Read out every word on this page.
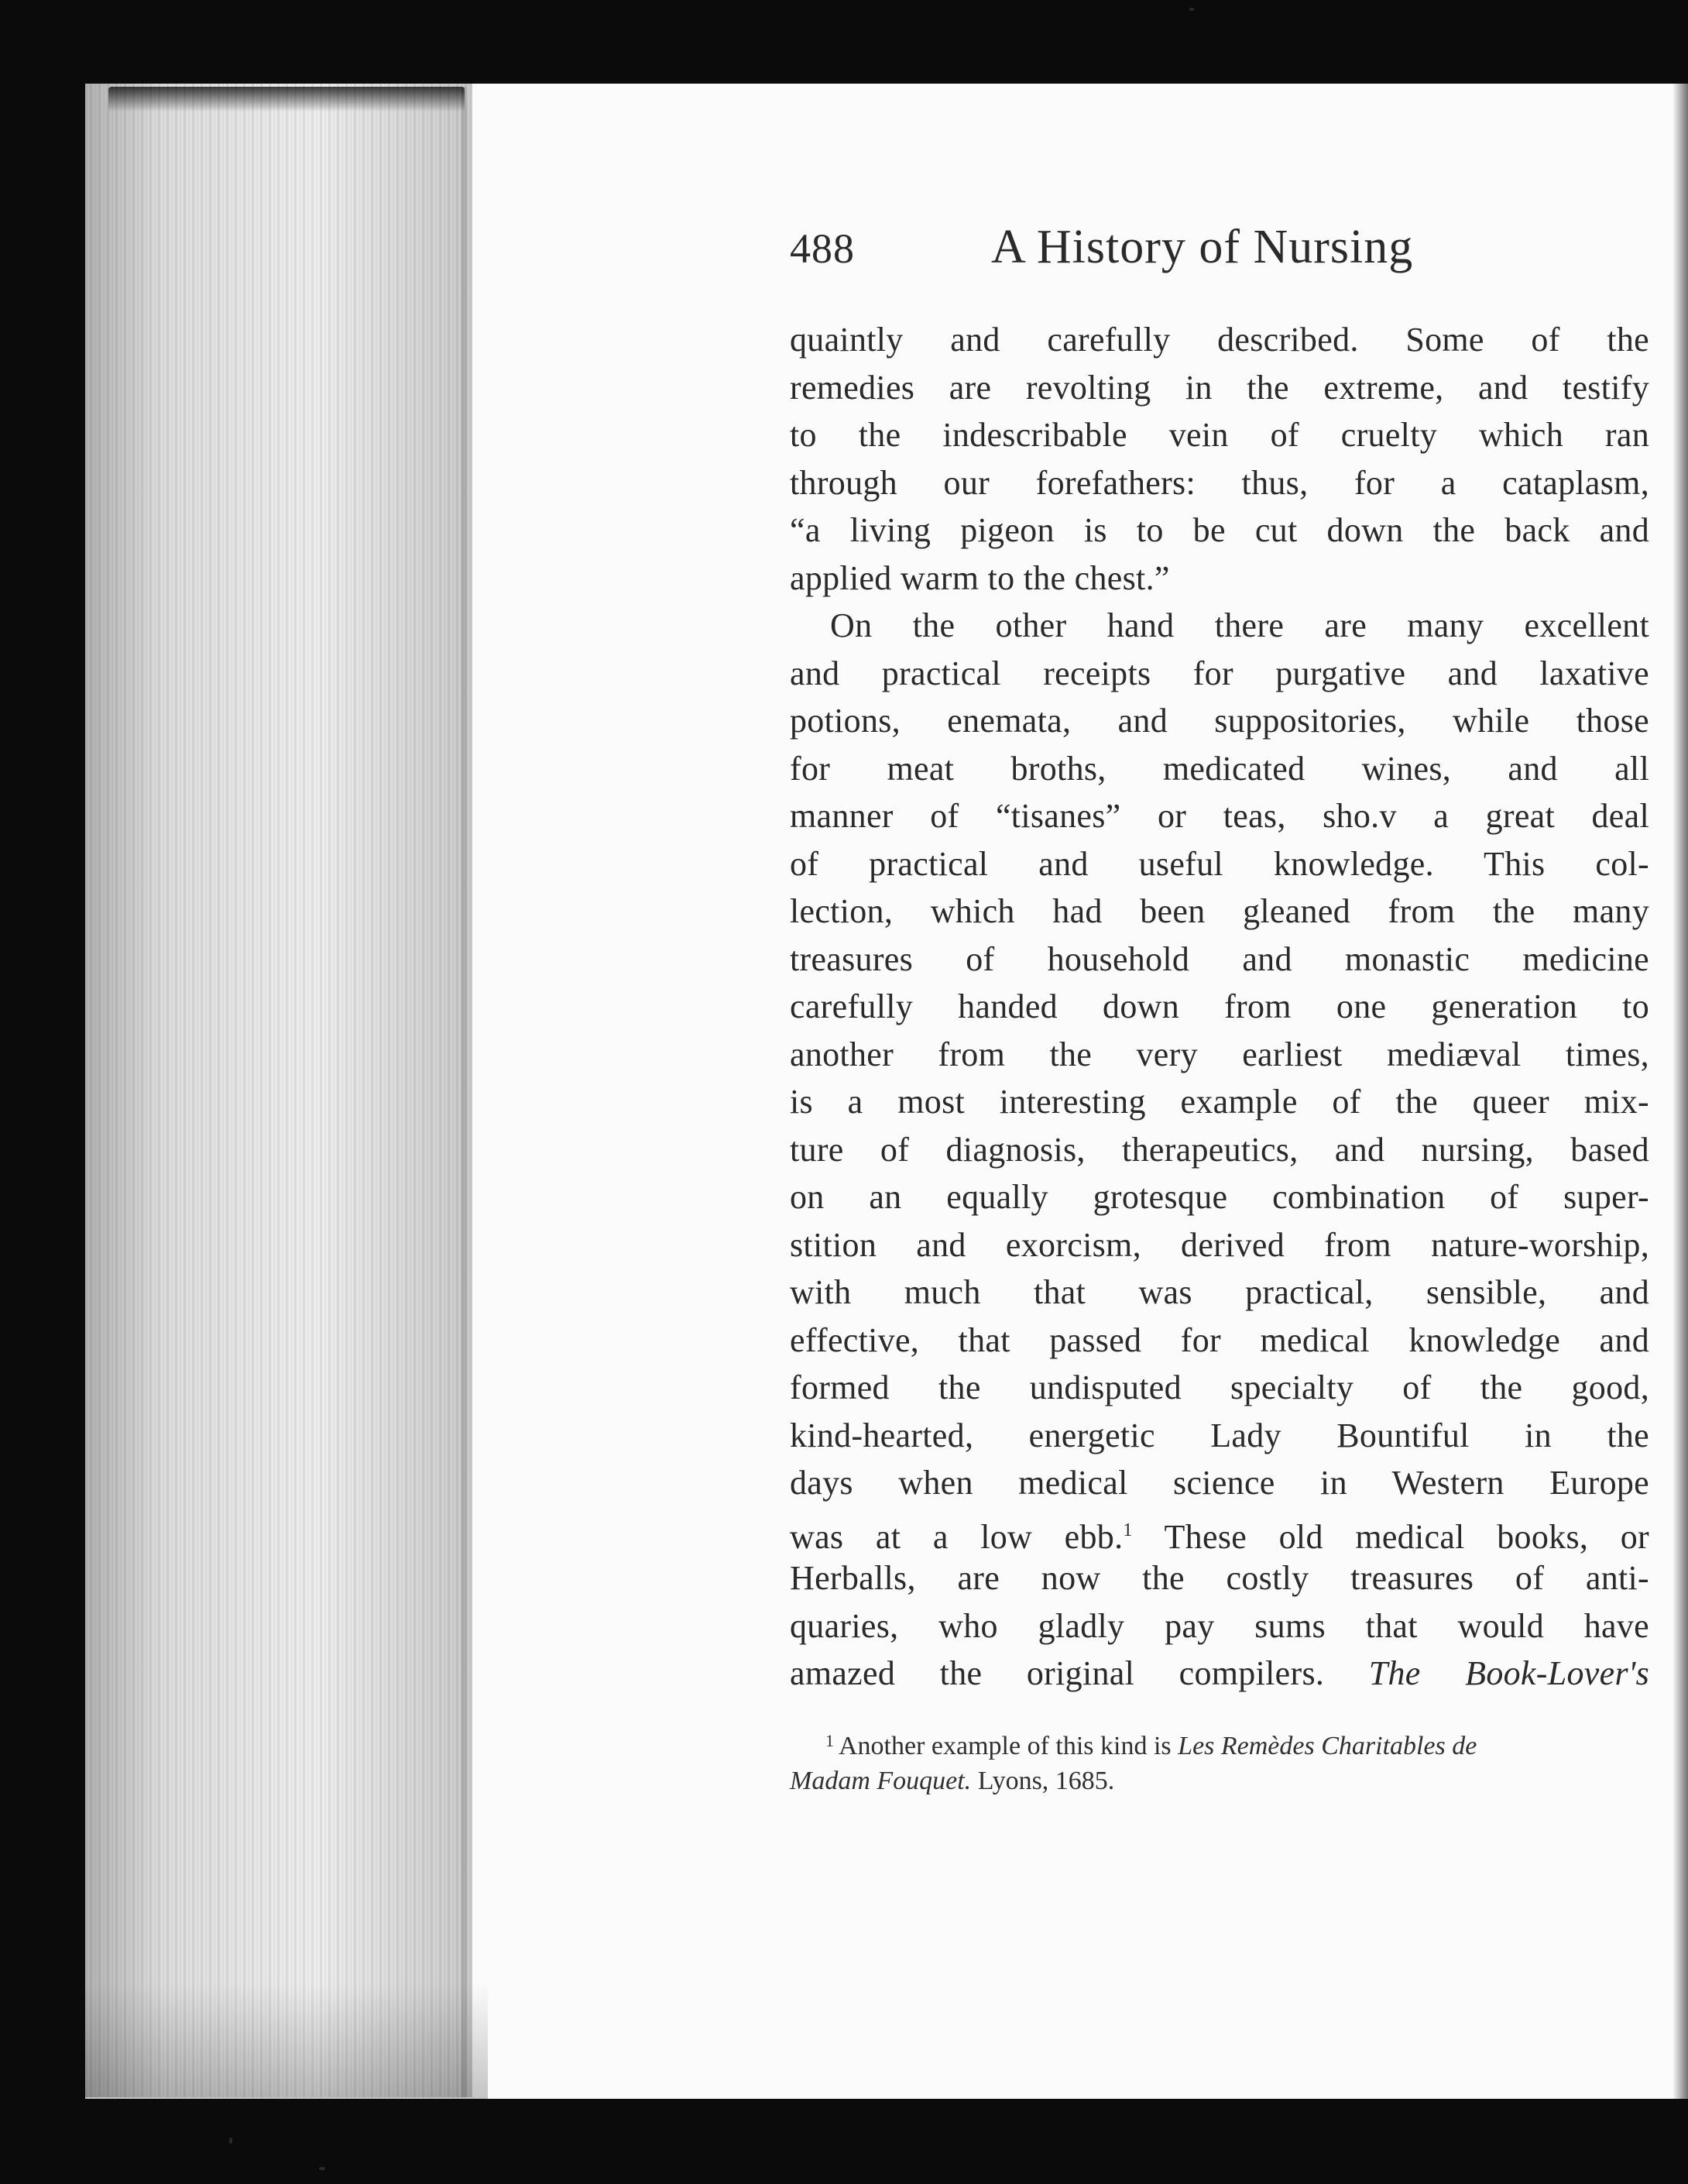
488	A History of Nursing
quaintly and carefully described. Some of the
remedies are revolting in the extreme, and testify
to the indescribable vein of cruelty which ran
through our forefathers: thus, for a cataplasm,
“a living pigeon is to be cut down the back and
applied warm to the chest.”
On the other hand there are many excellent
and practical receipts for purgative and laxative
potions, enemata, and suppositories, while those
for meat broths, medicated wines, and all
manner of “tisanes” or teas, sho.v a great deal
of practical and useful knowledge. This col-
lection, which had been gleaned from the many
treasures of household and monastic medicine
carefully handed down from one generation to
another from the very earliest mediæval times,
is a most interesting example of the queer mix-
ture of diagnosis, therapeutics, and nursing, based
on an equally grotesque combination of super-
stition and exorcism, derived from nature-worship,
with much that was practical, sensible, and
effective, that passed for medical knowledge and
formed the undisputed specialty of the good,
kind-hearted, energetic Lady Bountiful in the
days when medical science in Western Europe
was at a low ebb.$^1$ These old medical books, or
Herballs, are now the costly treasures of anti-
quaries, who gladly pay sums that would have
amazed the original compilers. The Book-Lover's
$^1$ Another example of this kind is Les Remèdes Charitables de
Madam Fouquet. Lyons, 1685.
